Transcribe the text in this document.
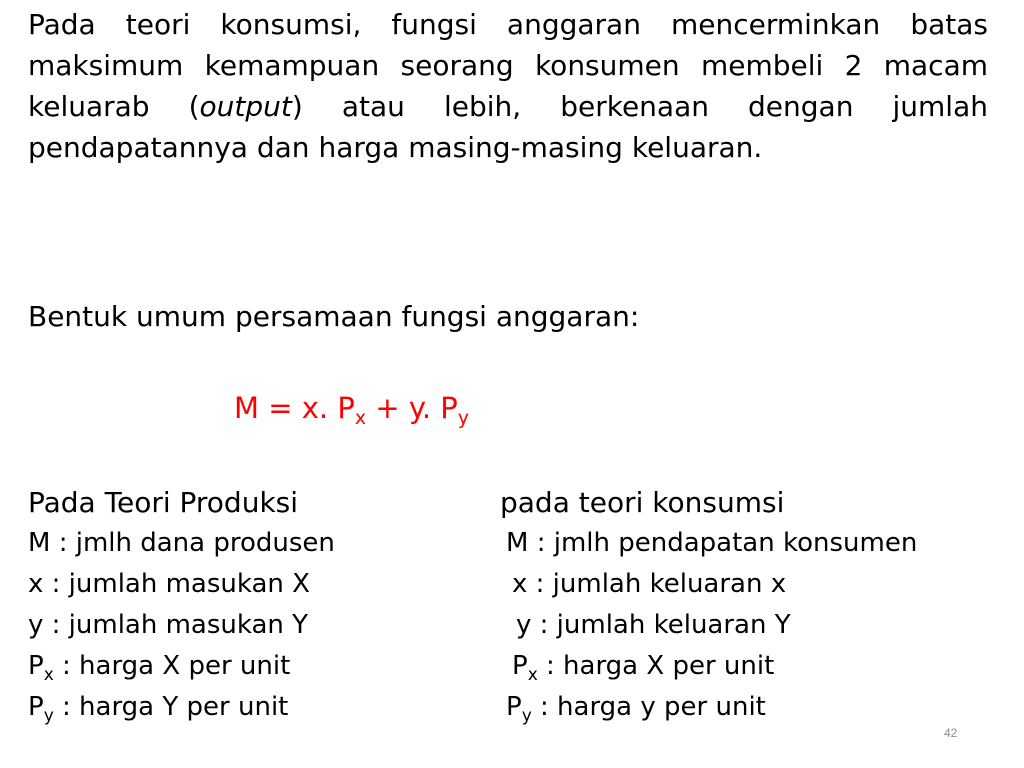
Pada teori konsumsi, fungsi anggaran mencerminkan batas maksimum kemampuan seorang konsumen membeli 2 macam keluarab (output) atau lebih, berkenaan dengan jumlah pendapatannya dan harga masing-masing keluaran.

Bentuk umum persamaan fungsi anggaran:

M = x. $P_x + y$. $P_y$

Pada Teori Produksi

M : jmlh dana produsen

x : jumlah masukan X

y : jumlah masukan Y

$P_x$ : harga X per unit

$P_y$ : harga Y per unit

pada teori konsumsi

M : jmlh pendapatan konsumen

x : jumlah keluaran x

y : jumlah keluaran Y

$P_x$ : harga X per unit

$P_y$ : harga y per unit

42
